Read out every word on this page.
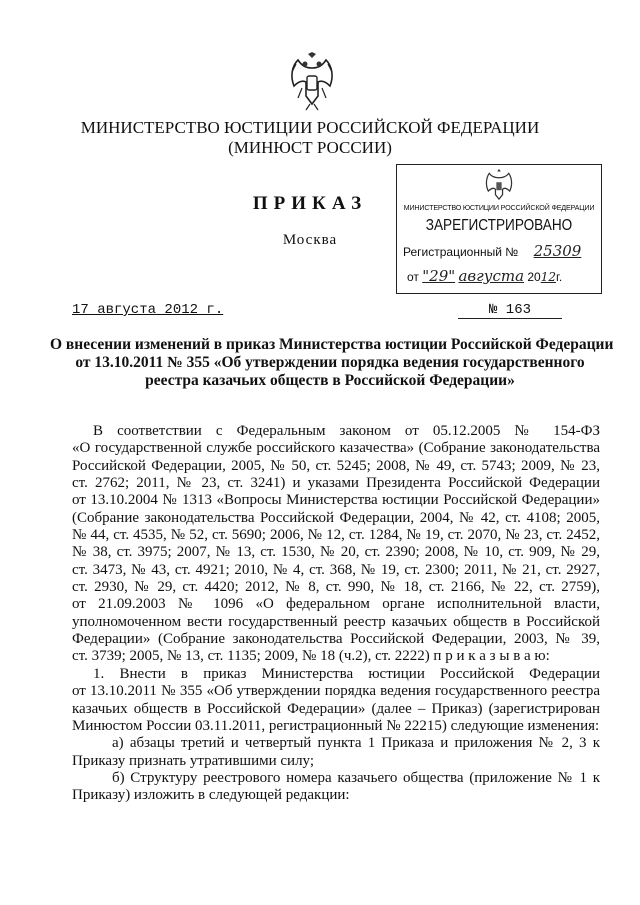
МИНИСТЕРСТВО ЮСТИЦИИ РОССИЙСКОЙ ФЕДЕРАЦИИ
(МИНЮСТ РОССИИ)
МИНИСТЕРСТВО ЮСТИЦИИ РОССИЙСКОЙ ФЕДЕРАЦИИ
ЗАРЕГИСТРИРОВАНО
Регистрационный № 25309
от "29" августа 2012г.
ПРИКАЗ
Москва
17 августа 2012 г.	№ 163
О внесении изменений в приказ Министерства юстиции Российской Федерации
от 13.10.2011 № 355 «Об утверждении порядка ведения государственного
реестра казачьих обществ в Российской Федерации»
В соответствии с Федеральным законом от 05.12.2005 № 154-ФЗ
«О государственной службе российского казачества» (Собрание законодательства
Российской Федерации, 2005, № 50, ст. 5245; 2008, № 49, ст. 5743; 2009, № 23,
ст. 2762; 2011, № 23, ст. 3241) и указами Президента Российской Федерации
от 13.10.2004 № 1313 «Вопросы Министерства юстиции Российской Федерации»
(Собрание законодательства Российской Федерации, 2004, № 42, ст. 4108; 2005,
№ 44, ст. 4535, № 52, ст. 5690; 2006, № 12, ст. 1284, № 19, ст. 2070, № 23, ст. 2452,
№ 38, ст. 3975; 2007, № 13, ст. 1530, № 20, ст. 2390; 2008, № 10, ст. 909, № 29,
ст. 3473, № 43, ст. 4921; 2010, № 4, ст. 368, № 19, ст. 2300; 2011, № 21, ст. 2927,
ст. 2930, № 29, ст. 4420; 2012, № 8, ст. 990, № 18, ст. 2166, № 22, ст. 2759),
от 21.09.2003 № 1096 «О федеральном органе исполнительной власти,
уполномоченном вести государственный реестр казачьих обществ в Российской
Федерации» (Собрание законодательства Российской Федерации, 2003, № 39,
ст. 3739; 2005, № 13, ст. 1135; 2009, № 18 (ч.2), ст. 2222) п р и к а з ы в а ю:
1. Внести в приказ Министерства юстиции Российской Федерации
от 13.10.2011 № 355 «Об утверждении порядка ведения государственного реестра
казачьих обществ в Российской Федерации» (далее – Приказ) (зарегистрирован
Минюстом России 03.11.2011, регистрационный № 22215) следующие изменения:
а) абзацы третий и четвертый пункта 1 Приказа и приложения № 2, 3 к
Приказу признать утратившими силу;
б) Структуру реестрового номера казачьего общества (приложение № 1 к
Приказу) изложить в следующей редакции:
